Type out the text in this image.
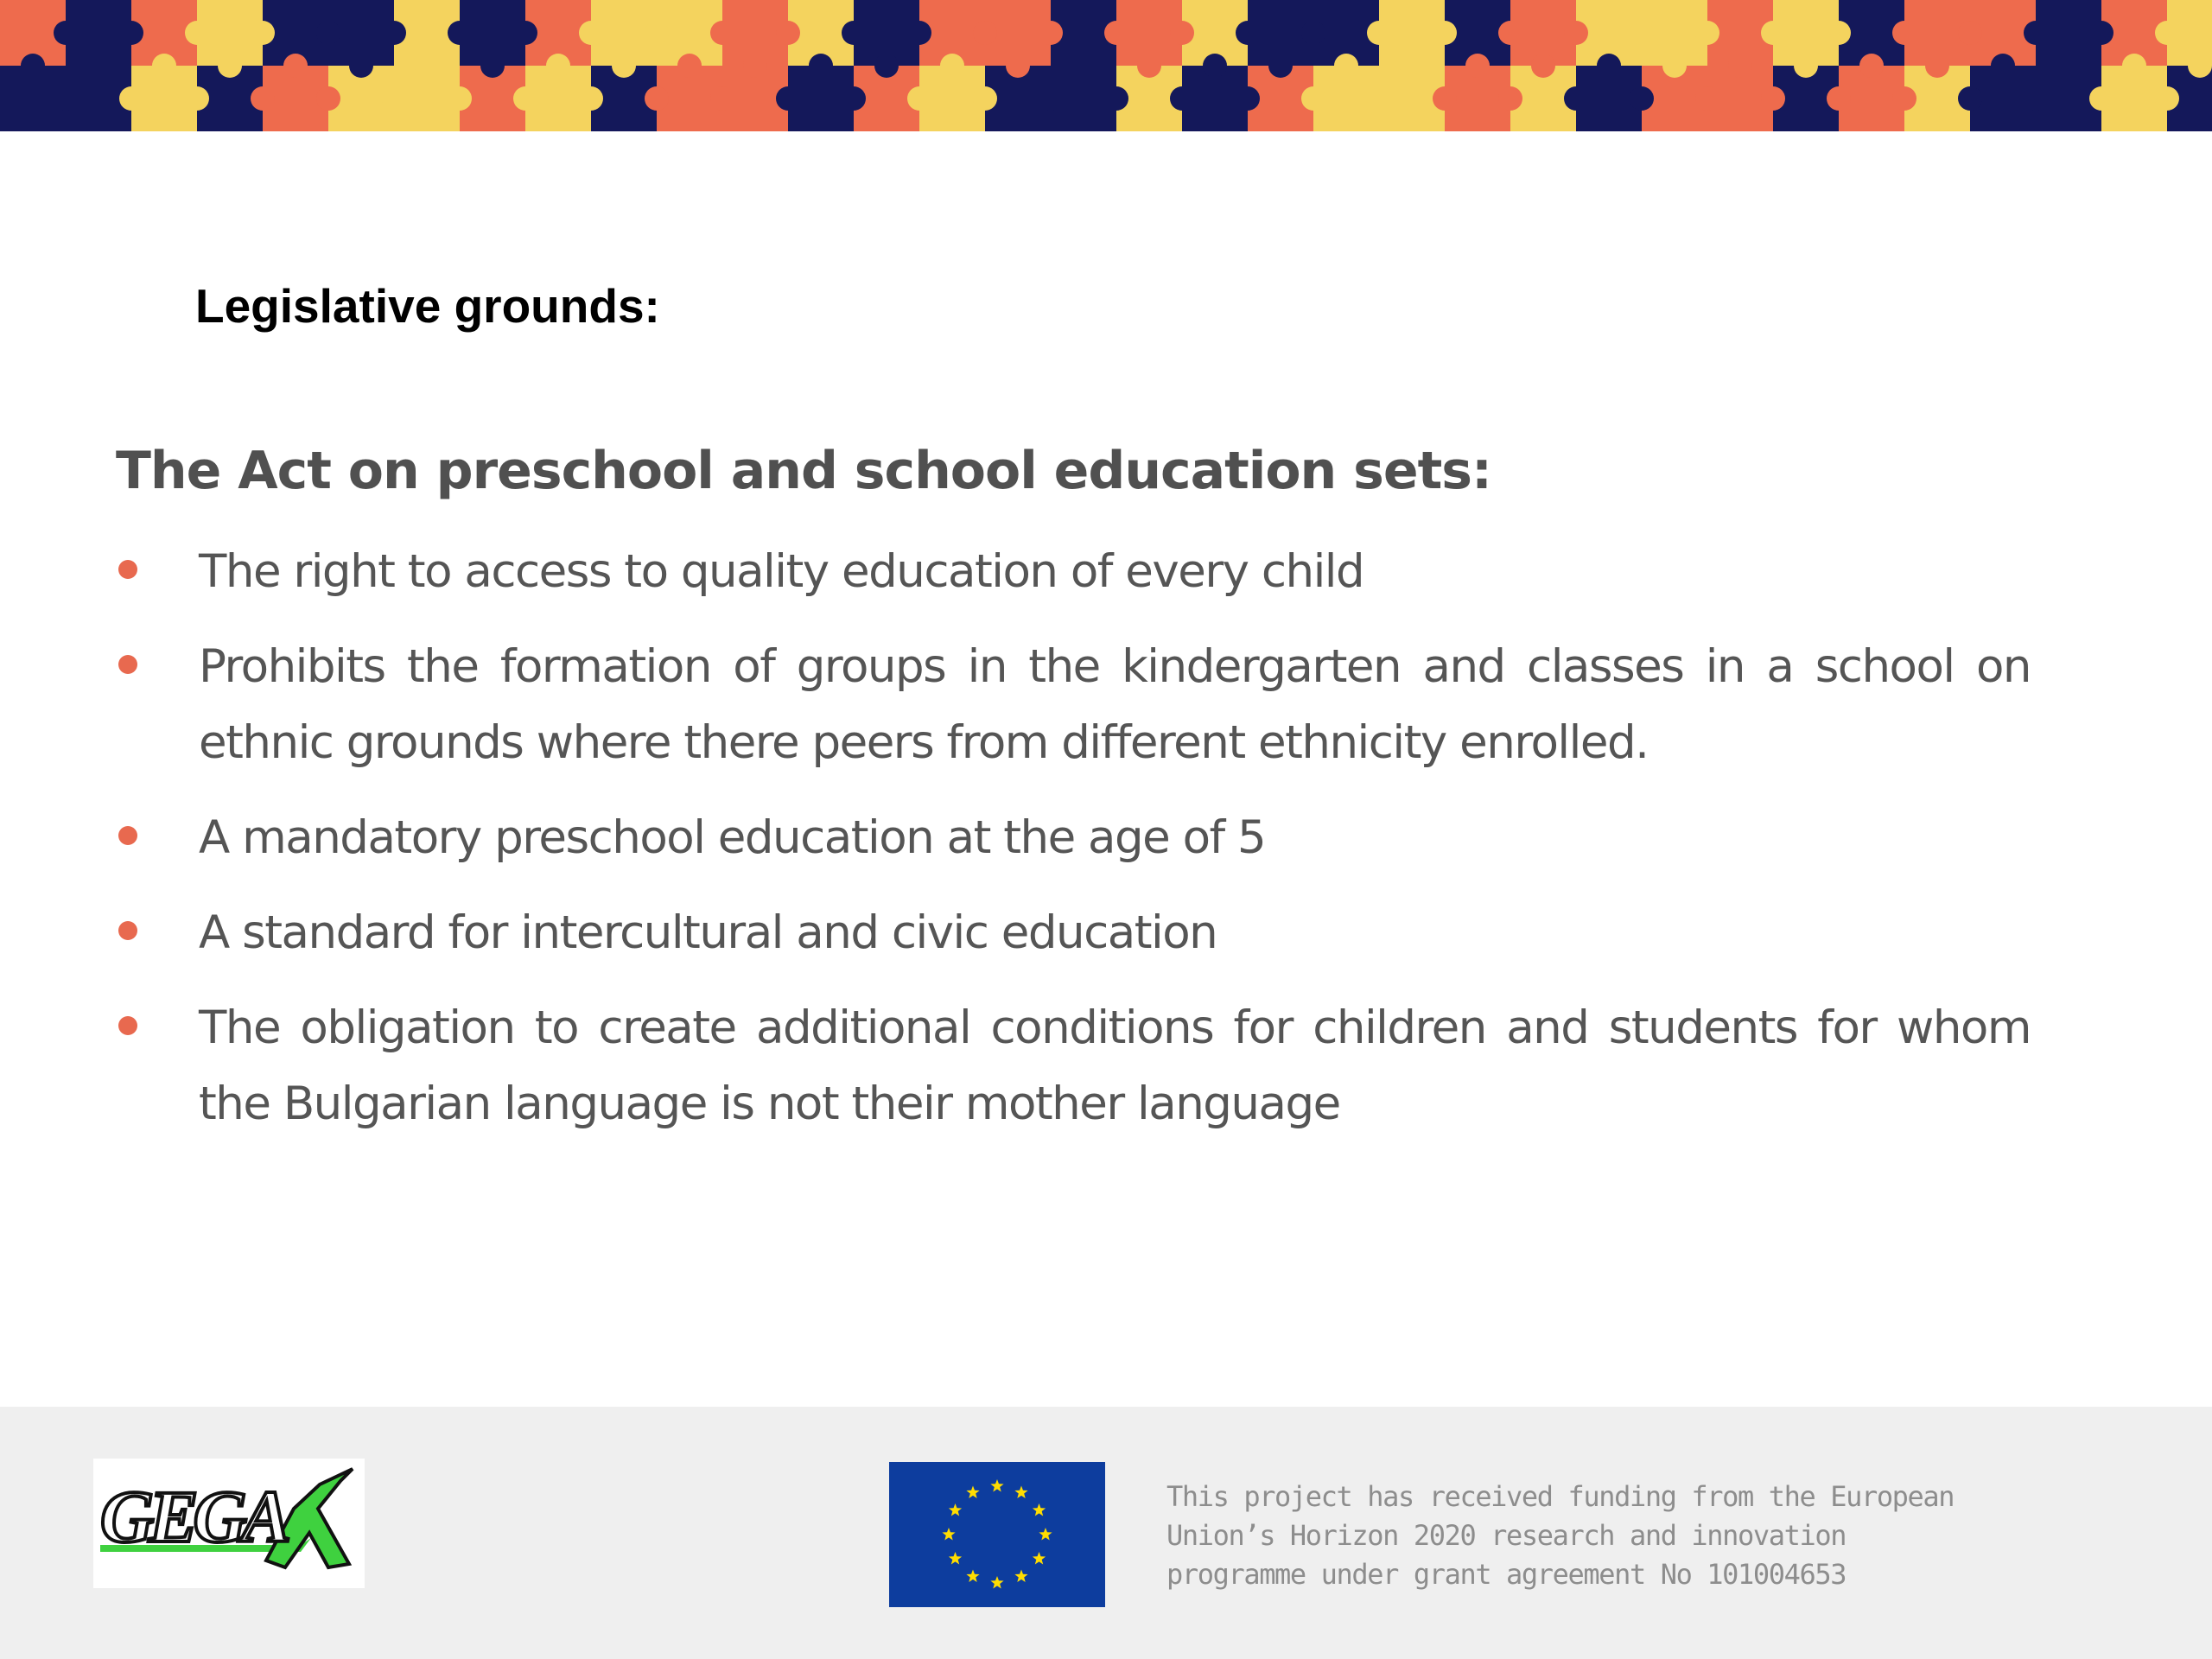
Legislative grounds:
The Act on preschool and school education sets:
The right to access to quality education of every child
Prohibits the formation of groups in the kindergarten and classes in a school on ethnic grounds where there peers from different ethnicity enrolled.
A mandatory preschool education at the age of 5
A standard for intercultural and civic education
The obligation to create additional conditions for children and students for whom the Bulgarian language is not their mother language
GEGA	This project has received funding from the European
Union’s Horizon 2020 research and innovation
programme under grant agreement No 101004653
